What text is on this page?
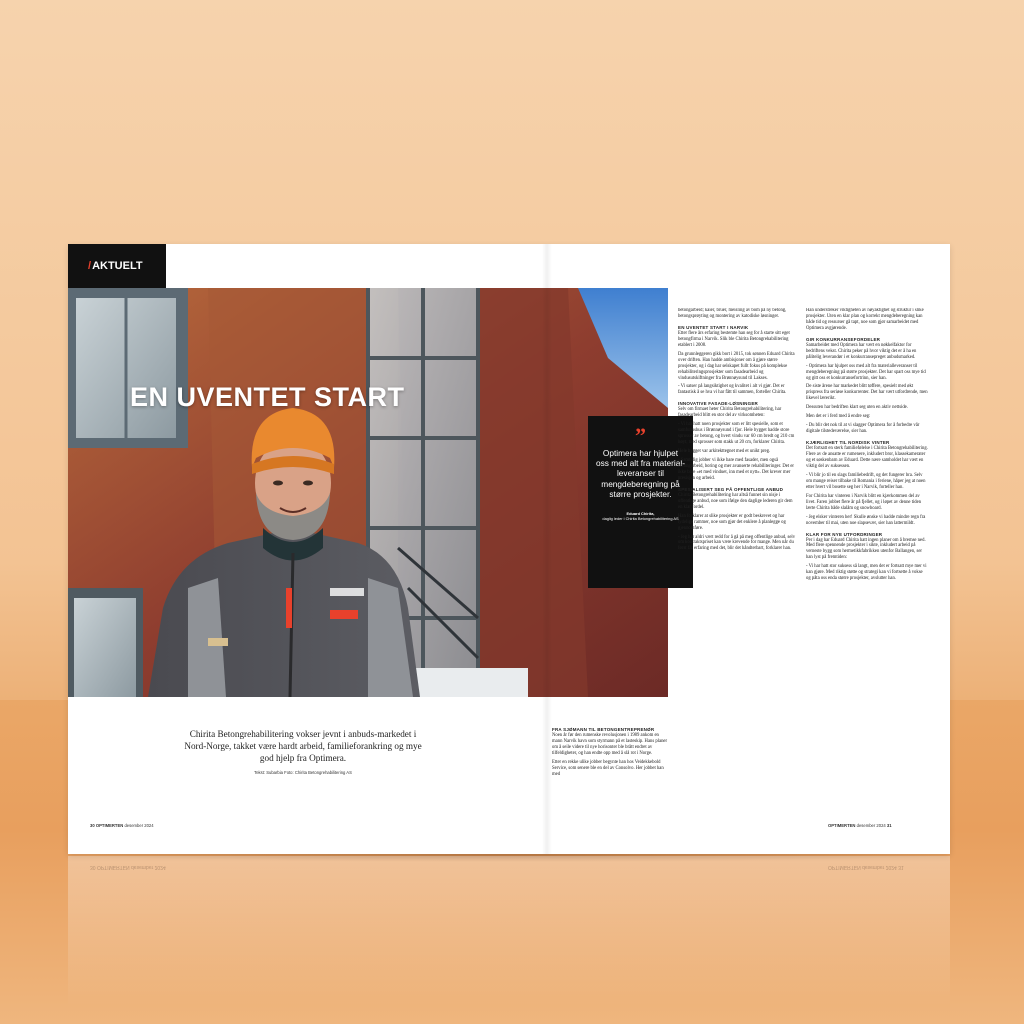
30 OPTIMERTEN desember 2024	OPTIMERTEN desember 2024 31
/ AKTUELT
EN UVENTET START
”
Optimera har hjulpet oss med alt fra material-leveranser til mengdeberegning på større prosjekter.
Eduard Chirita,
daglig leder i Chirita Betongrehabilitering AS
Chirita Betongrehabilitering vokser jevnt i anbuds-markedet i Nord-Norge, takket være hardt arbeid, familieforankring og mye god hjelp fra Optimera.
Tekst: Subarbia Foto: Chirita Betongrehabilitering AS

FRA SJØMANN TIL BETONGENTREPRENØR

Noen år før den rumenske revolusjonen i 1989 ankom en mann Narvik havn som styrmann på et lasteskip. Hans planer om å seile videre til nye horisonter ble brått endret av tilfeldigheter, og han endte opp med å slå rot i Norge.

Etter en rekke ulike jobber begynte han hos Veidekkebold Service, som senere ble en del av Consolvo. Her jobbet han med

betongarbeid; kaier, bruer, meisling av bom på ny betong, betongsprøyting og montering av katodiske løsninger.

EN UVENTET START I NARVIK

Etter flere års erfaring bestemte han seg for å starte sitt eget betongfirma i Narvik. Slik ble Chirita Betongrehabilitering etablert i 2008.

Da grunnleggeren gikk bort i 2015, tok sønnen Eduard Chirita over driften. Han hadde ambisjoner om å gjøre større prosjekter, og i dag har selskapet fullt fokus på komplekse rehabiliteringsprosjekter som fasadearbeid og vindusutskiftninger fra Brønnøysund til Lakses.

- Vi satser på langsiktighet og kvalitet i alt vi gjør. Det er fantastisk å se hva vi har fått til sammen, forteller Chirita.

INNOVATIVE FASADE-LØSNINGER

Selv om firmaet heter Chirita Betongrehabilitering, har fasadearbeid blitt en stor del av virksomheten:

- Vi har hatt noen prosjekter som er litt spesielle, som et samfunnshus i Brønnøysund i fjor. Hele bygget hadde store sprosser av betong, og hvert vindu var 60 cm bredt og 210 cm høyt, med sprosser som stakk ut 20 cm, forklarer Chirita.

Hele bygget var arkitekttegnet med et unikt preg.

- Samtidig jobber vi ikke bare med fasader, men også betongarbeid, boring og mer avanserte rehabiliteringer. Det er ikke bare «et med vinduet, inn med et nytt». Det krever mer presisjon og arbeid.

SPESIALISERT SEG PÅ OFFENTLIGE ANBUD

Chirita Betongrehabilitering har altså funnet sin nisje i offentlige anbud, noe som ifølge den daglige lederen gir dem en klar fordel.

Han forklarer at slike prosjekter er godt beskrevet og har tydelige rammer, noe som gjør det enklere å planlegge og gjennomføre.

- Jeg har aldri vært redd for å gå på meg offentlige anbud, selv om kontraktspriset kan være krevende for mange. Men når du først får erfaring med det, blir det håndterbart, forklarer han.

Han understreker viktigheten av nøyaktighet og struktur i slike prosjekter. Uten en klar plan og korrekt mengdeberegning kan både tid og ressurser gå tapt, noe som gjør samarbeidet med Optimera avgjørende.

GIR KONKURRANSEFORDELER

Samarbeidet med Optimera har vært en nøkkelfaktor for bedriftens vekst. Chirita peker på hvor viktig det er å ha en pålitelig leverandør i et konkurransepreget anbudsmarked.

- Optimera har hjulpet oss med alt fra materialleveranser til mengdeberegning på større prosjekter. Det har spart oss mye tid og gitt oss et konkurransefortrinn, sier han.

De siste årene har markedet blitt tøffere, spesielt med økt prispress fra seriøse konkurrenter. Det har vært utfordrende, men likevel lærerikt.

Dessuten har bedriften klart seg uten en aktiv nettside.

Men det er i ferd med å endre seg:

- Du blir det nok til at vi slagger Optimera for å forbedre vår digitale tilstedeværelse, sier han.

KJÆRLIGHET TIL NORDISK VINTER

Det fortsatt en sterk familiefølelse i Chirita Betongrehabilitering. Flere av de ansatte er rumenere, inkludert bror, klassekamerater og et søskenbarn av Eduard. Dette nære samholdet har vært en viktig del av suksessen.

- Vi blir jo til en slags familiebedrift, og det fungerer bra. Selv om mange reiser tilbake til Romania i feriene, håper jeg at noen etter hvert vil bosette seg her i Narvik, forteller han.

For Chirita har vinteren i Narvik blitt en kjærkommen del av livet. Faren jobbet flere år på fjellet, og i løpet av denne tiden lærte Chirita både slalåm og snowboard.

- Jeg elsker vinteren her! Skulle ønske vi hadde mindre regn fra november til mai, uten noe slapsevær, sier han lattermildt.

KLAR FOR NYE UTFORDRINGER

Per i dag har Eduard Chirita hatt ingen planer om å bremse ned. Med flere spennende prosjekter i sikte, inkludert arbeid på verneste bygg som hermetikkfabrikken utenfor Ballangen, ser han lyst på fremtiden:

- Vi har hatt stor suksess så langt, men det er fortsatt mye mer vi kan gjøre. Med riktig støtte og strategi kan vi fortsette å vokse og påta oss enda større prosjekter, avslutter han.

30 OPTIMERTEN desember 2024	OPTIMERTEN desember 2024 31
